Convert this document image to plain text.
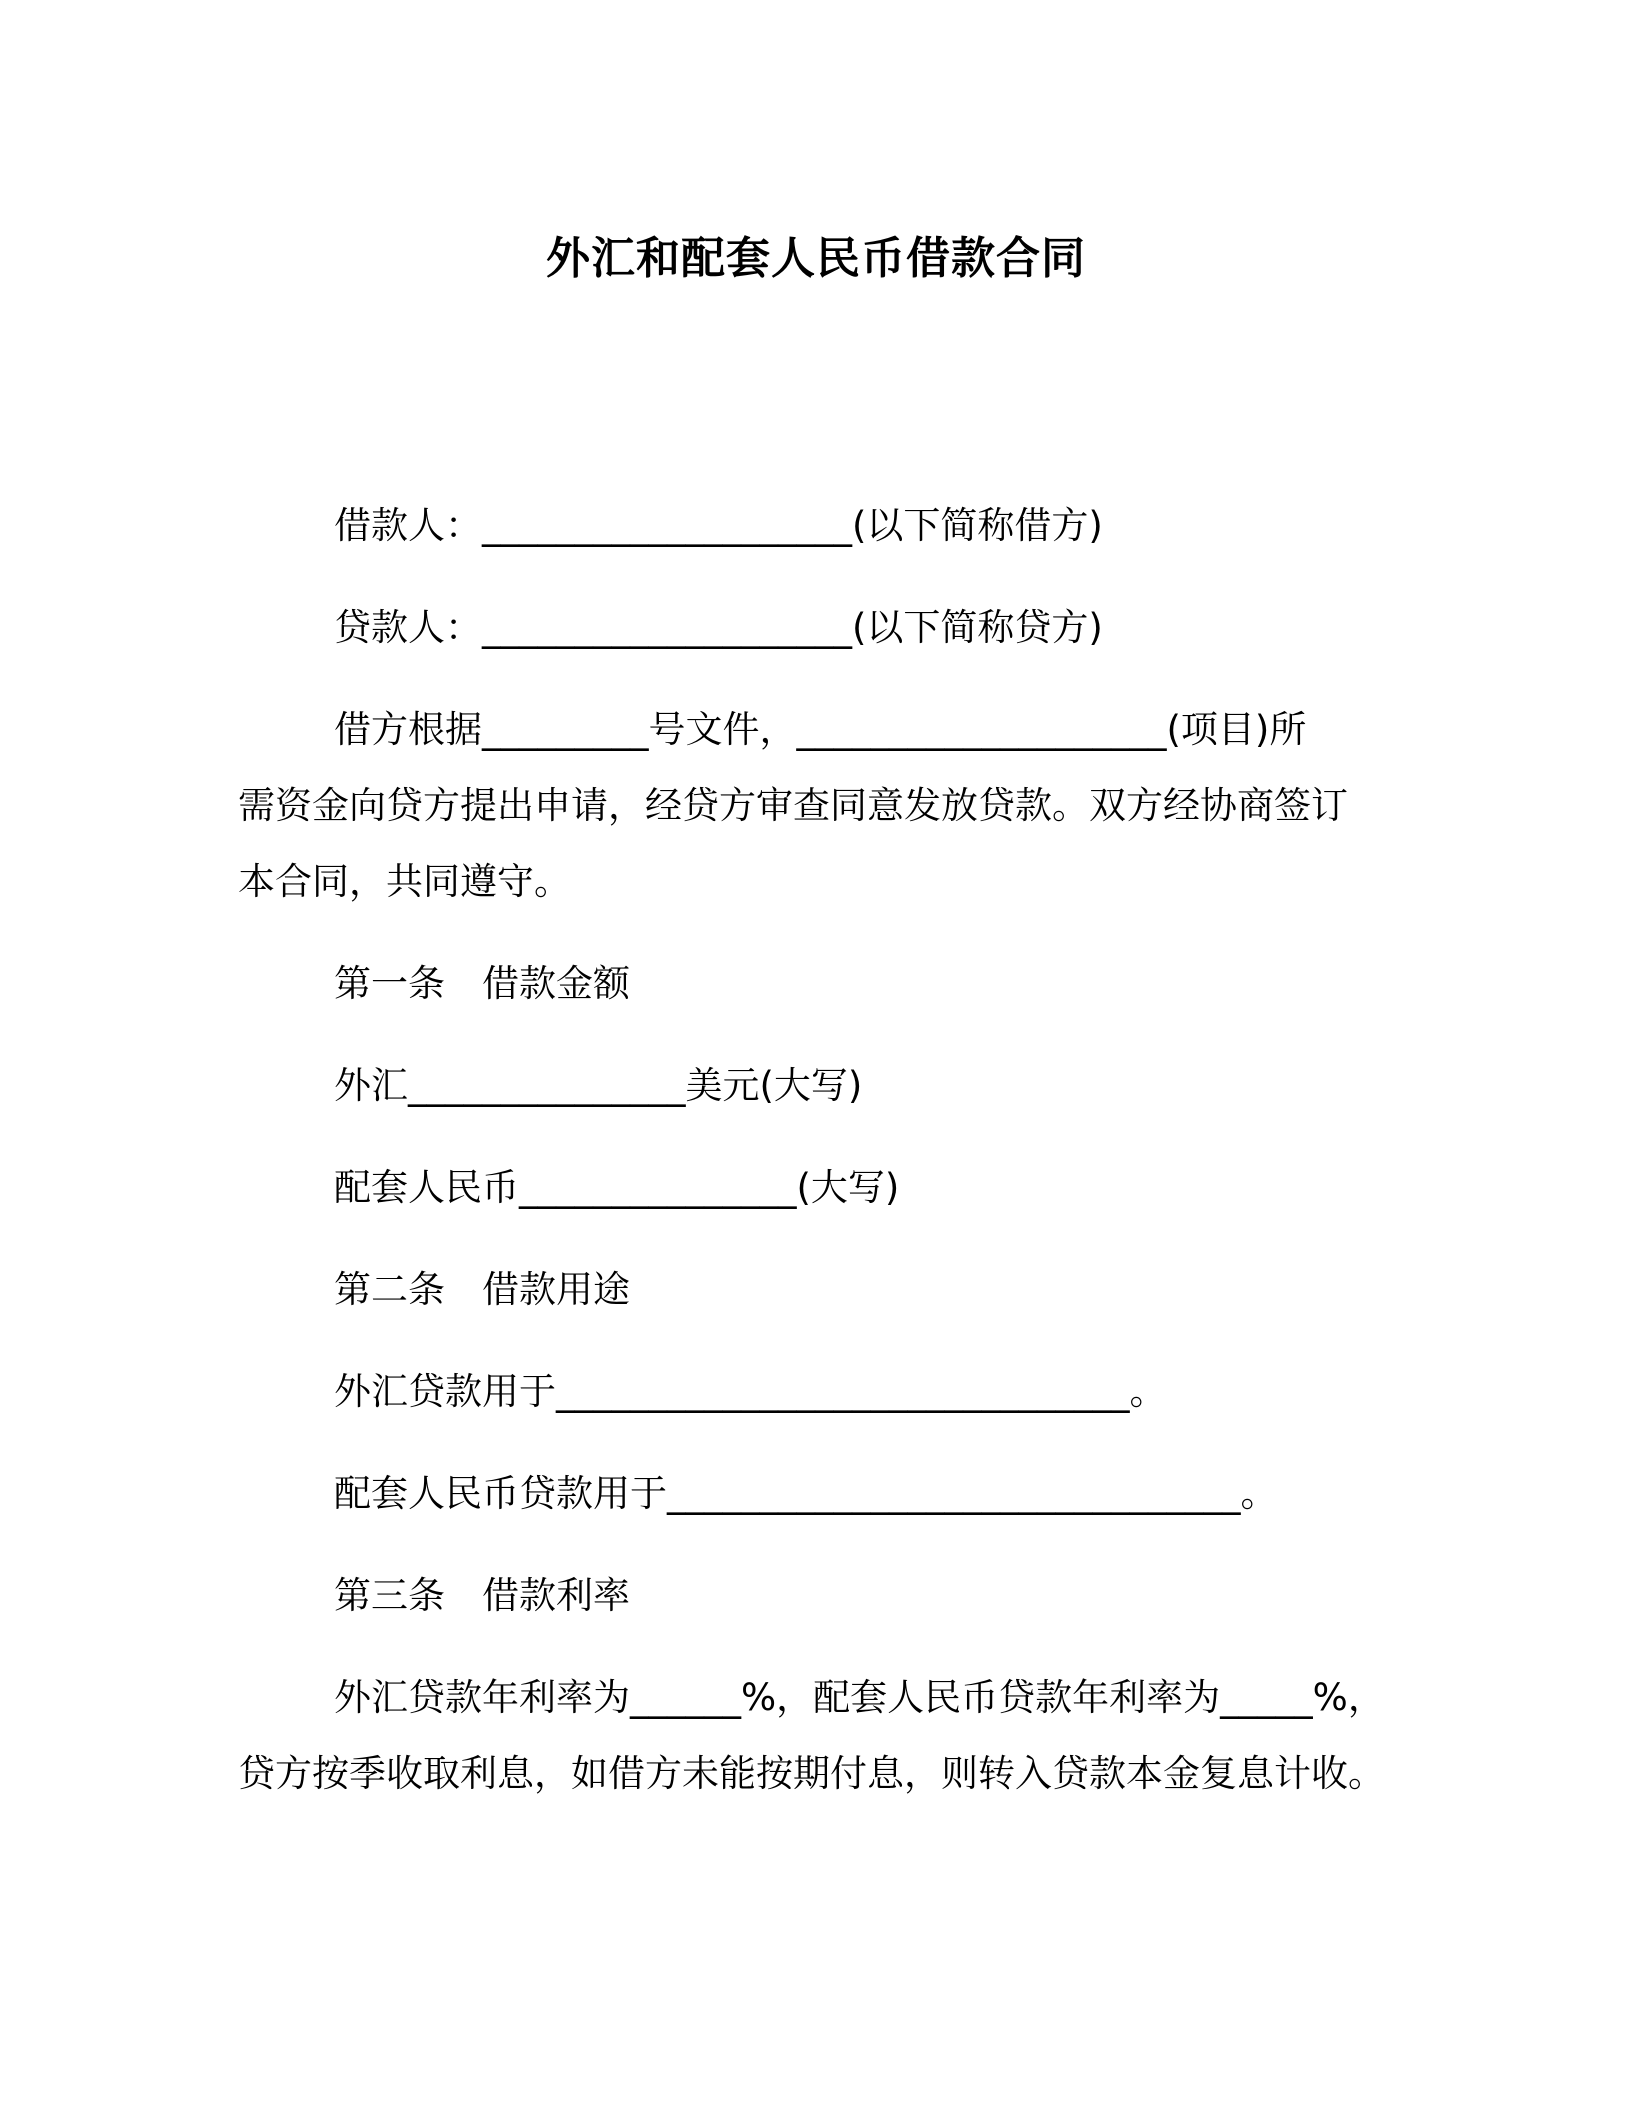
外汇和配套人民币借款合同
借款人：____________________(以下简称借方)
贷款人：____________________(以下简称贷方)
借方根据_________号文件，____________________(项目)所
需资金向贷方提出申请，经贷方审查同意发放贷款。双方经协商签订
本合同，共同遵守。
第一条　借款金额
外汇_______________美元(大写)
配套人民币_______________(大写)
第二条　借款用途
外汇贷款用于_______________________________。
配套人民币贷款用于_______________________________。
第三条　借款利率
外汇贷款年利率为______%，配套人民币贷款年利率为_____%，
贷方按季收取利息，如借方未能按期付息，则转入贷款本金复息计收。
